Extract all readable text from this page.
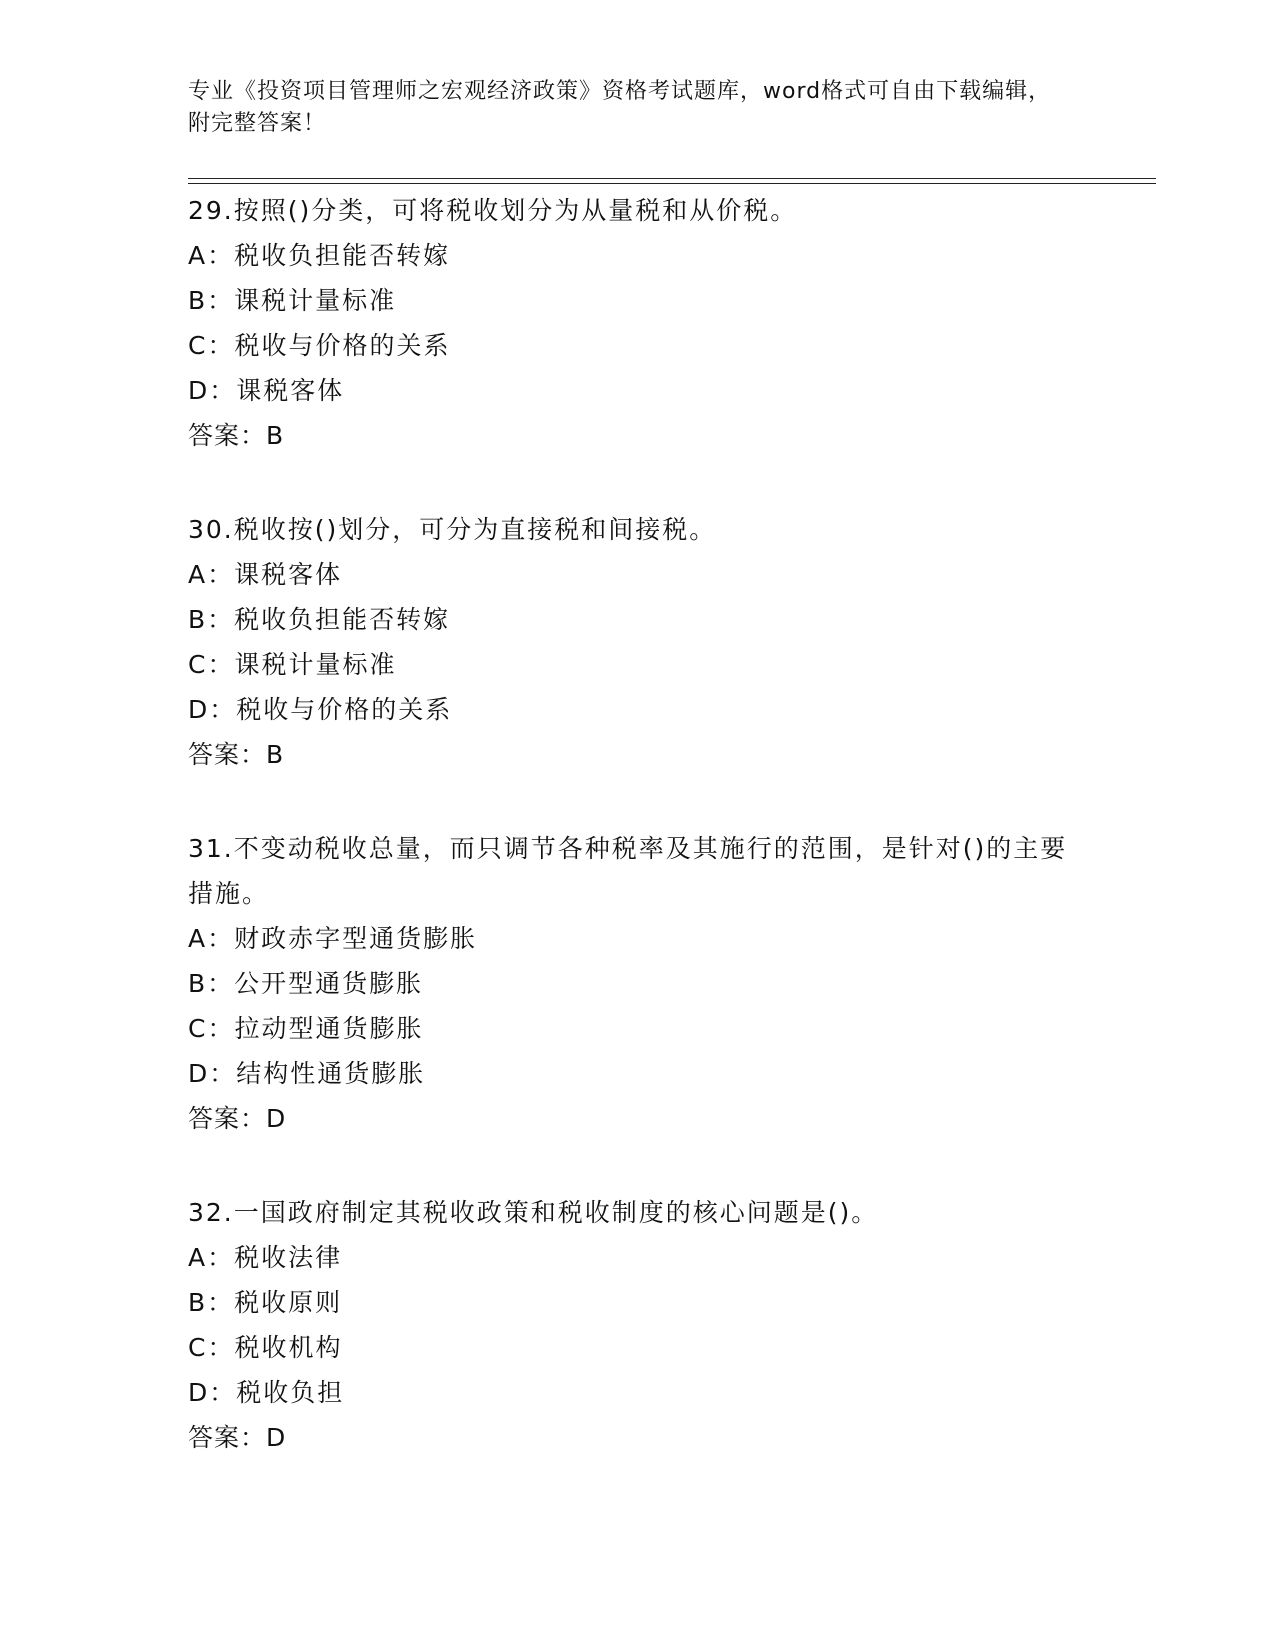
专业《投资项目管理师之宏观经济政策》资格考试题库，word格式可自由下载编辑，附完整答案！

29.按照()分类，可将税收划分为从量税和从价税。

A：税收负担能否转嫁

B：课税计量标准

C：税收与价格的关系

D：课税客体

答案：B

30.税收按()划分，可分为直接税和间接税。

A：课税客体

B：税收负担能否转嫁

C：课税计量标准

D：税收与价格的关系

答案：B

31.不变动税收总量，而只调节各种税率及其施行的范围，是针对()的主要措施。

A：财政赤字型通货膨胀

B：公开型通货膨胀

C：拉动型通货膨胀

D：结构性通货膨胀

答案：D

32.一国政府制定其税收政策和税收制度的核心问题是()。

A：税收法律

B：税收原则

C：税收机构

D：税收负担

答案：D
